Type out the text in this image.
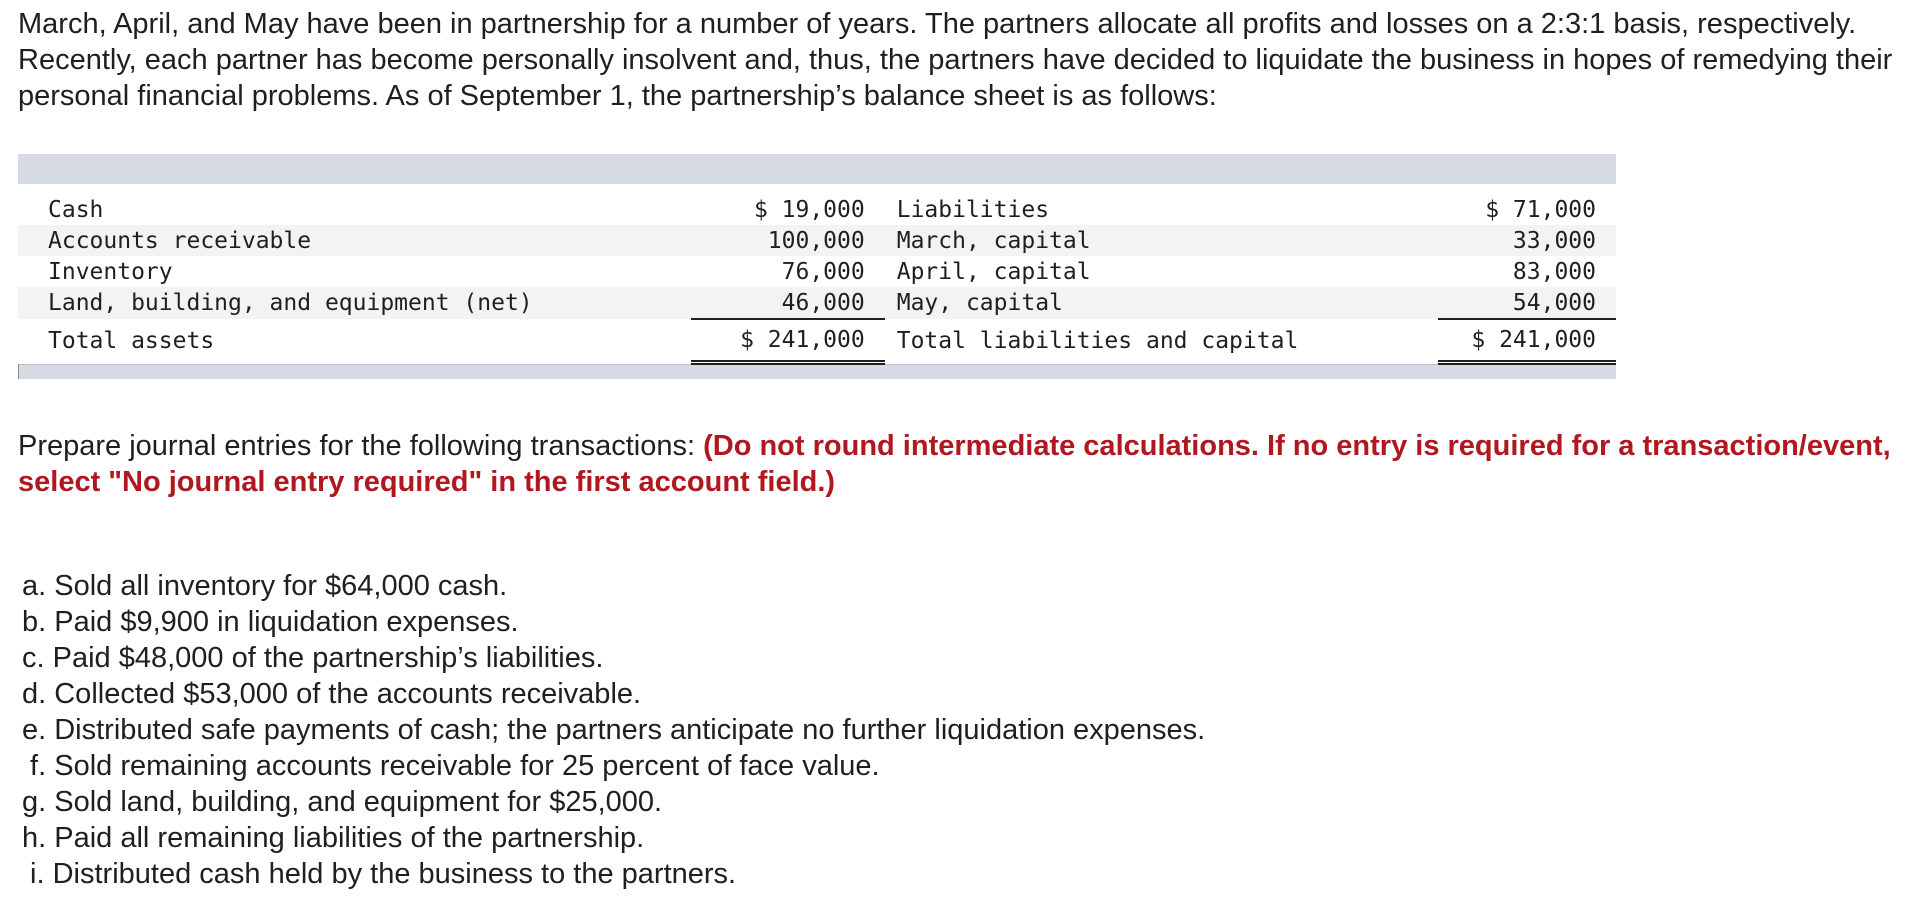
March, April, and May have been in partnership for a number of years. The partners allocate all profits and losses on a 2:3:1 basis, respectively. Recently, each partner has become personally insolvent and, thus, the partners have decided to liquidate the business in hopes of remedying their personal financial problems. As of September 1, the partnership’s balance sheet is as follows:

Cash	$ 19,000	Liabilities	$ 71,000
Accounts receivable	100,000	March, capital	33,000
Inventory	76,000	April, capital	83,000
Land, building, and equipment (net)	46,000	May, capital	54,000
Total assets	$ 241,000	Total liabilities and capital	$ 241,000

Prepare journal entries for the following transactions: (Do not round intermediate calculations. If no entry is required for a transaction/event, select "No journal entry required" in the first account field.)

a. Sold all inventory for $64,000 cash.
b. Paid $9,900 in liquidation expenses.
c. Paid $48,000 of the partnership’s liabilities.
d. Collected $53,000 of the accounts receivable.
e. Distributed safe payments of cash; the partners anticipate no further liquidation expenses.
f. Sold remaining accounts receivable for 25 percent of face value.
g. Sold land, building, and equipment for $25,000.
h. Paid all remaining liabilities of the partnership.
i. Distributed cash held by the business to the partners.
